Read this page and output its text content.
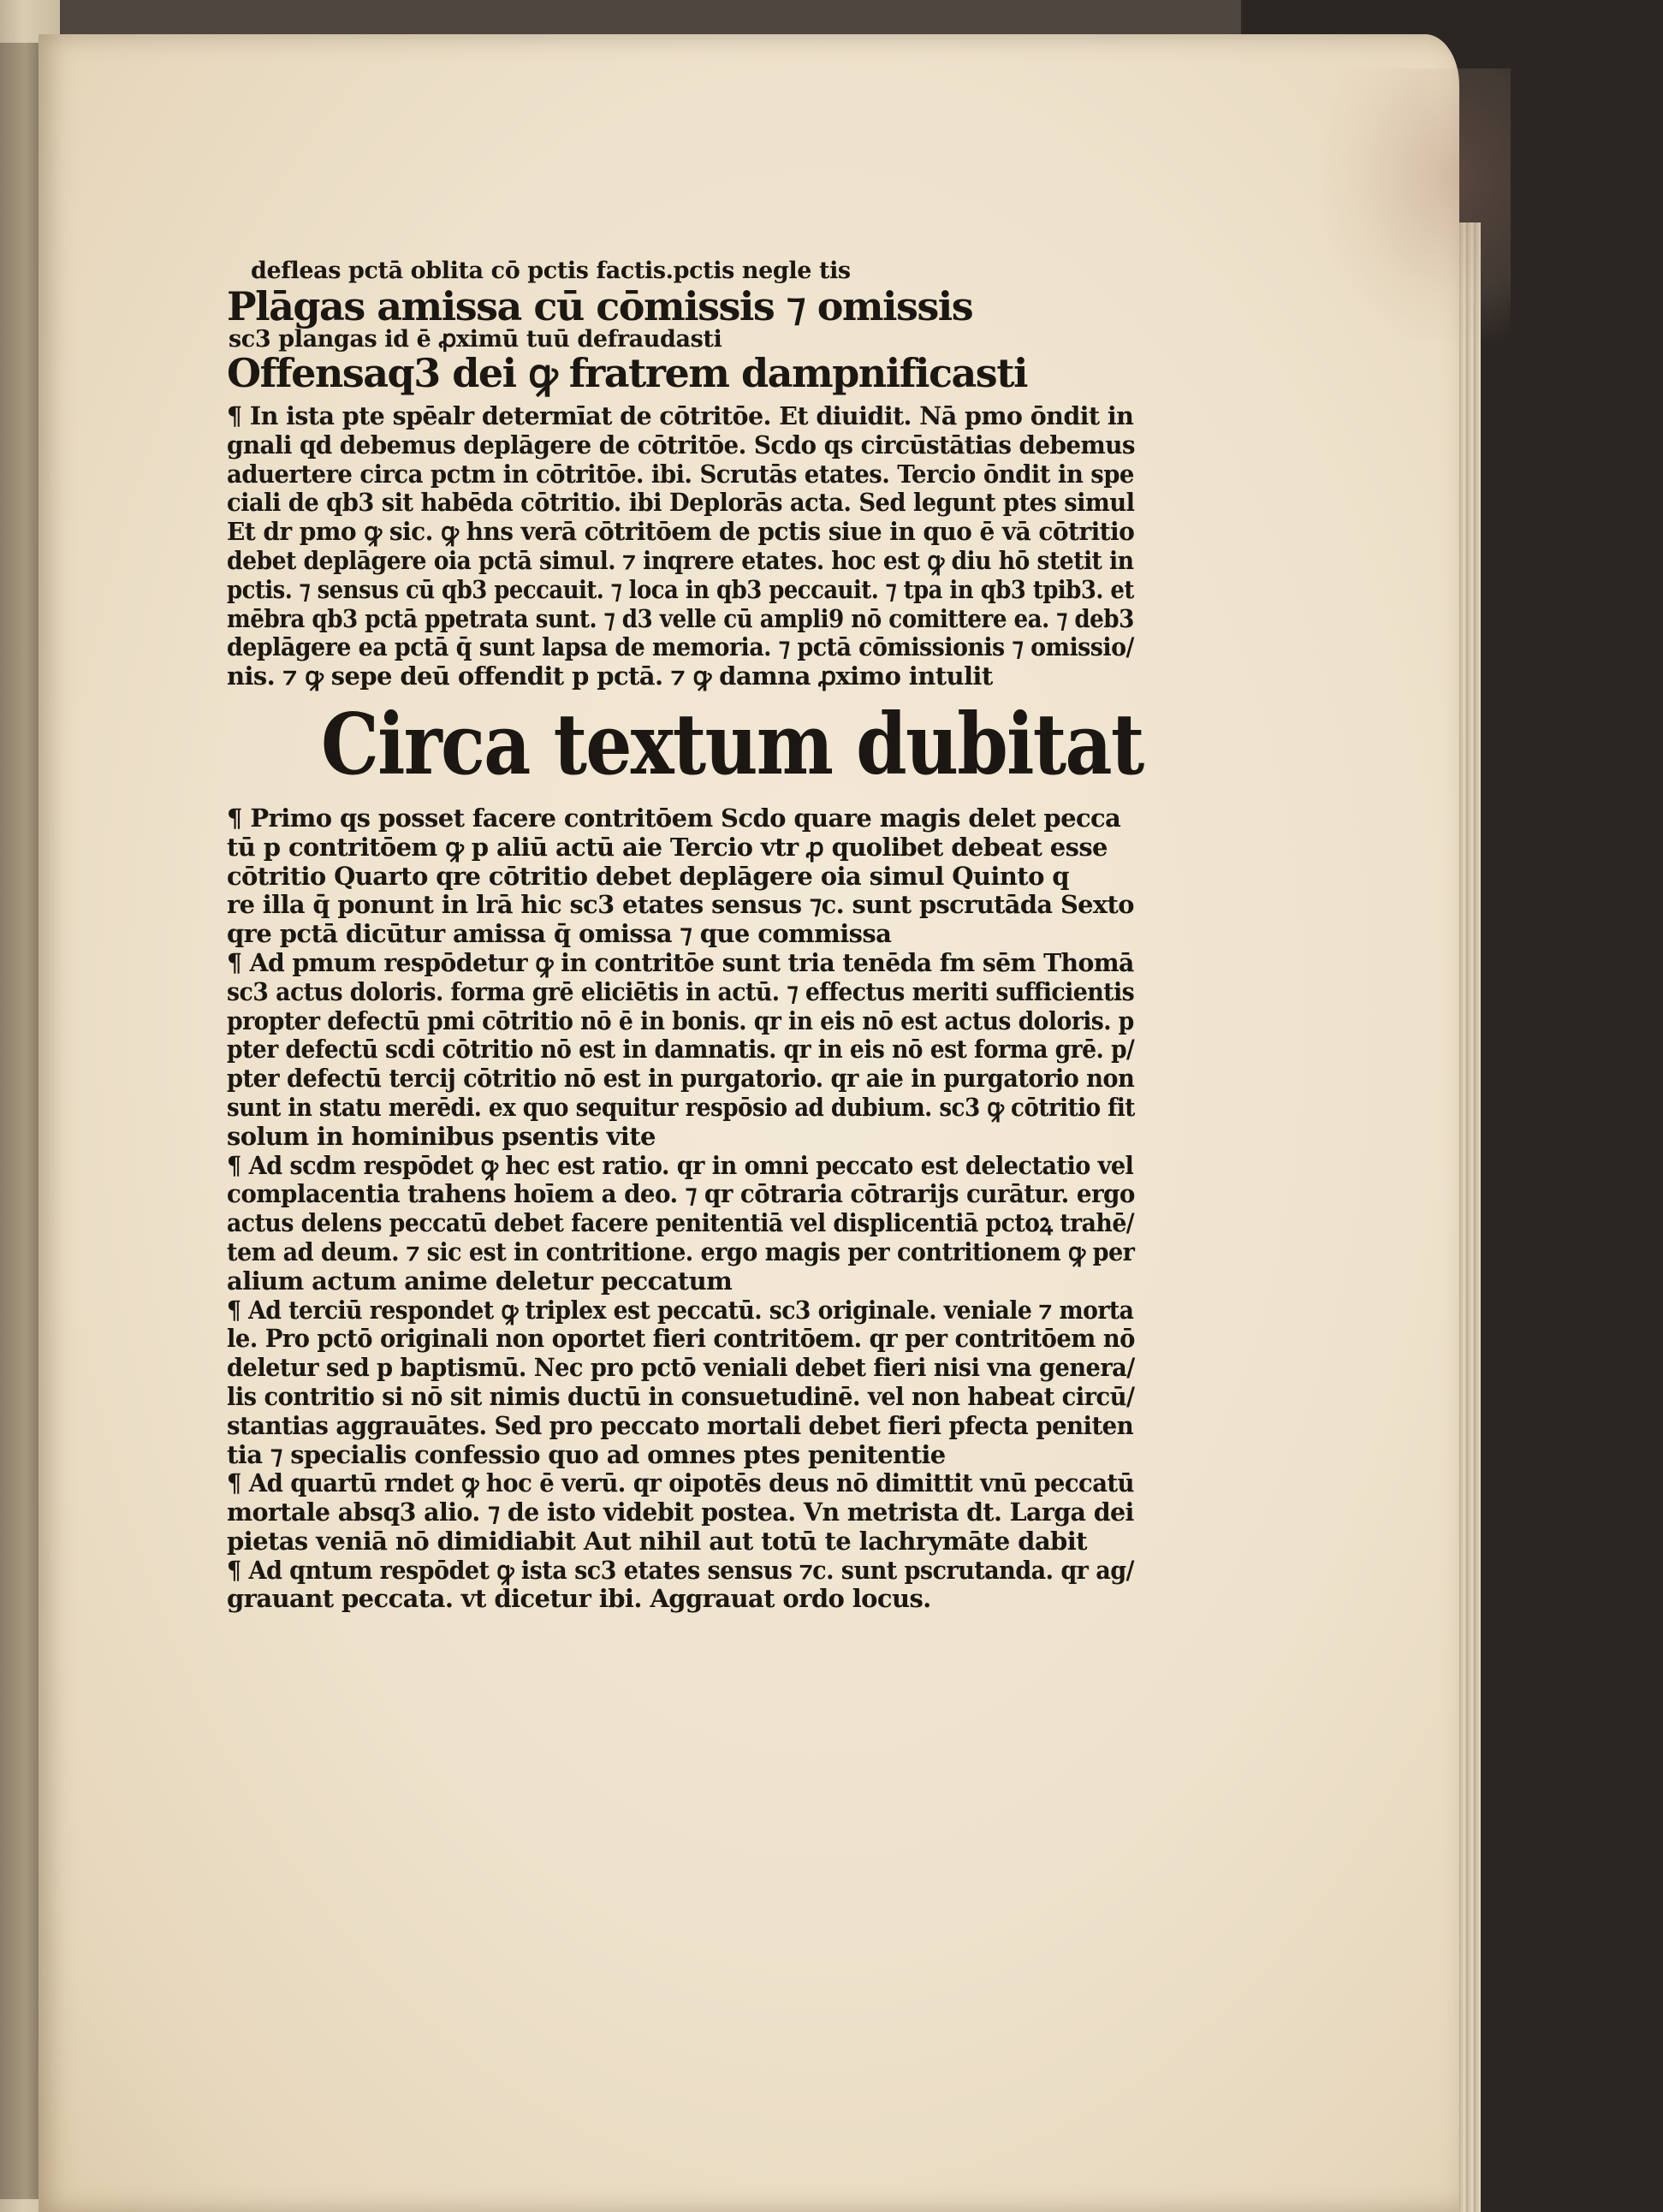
defleas pctā oblita cō pctis factis.pctis negle tis
Plāgas amissa cū cōmissis ⁊ omissis
sc3 plangas id ē ꝓximū tuū defraudasti
Offensaq3 dei ꝙ fratrem dampnificasti
¶ In ista pte spēalr determīat de cōtritōe. Et diuidit. Nā pmo ōndit in
gnali qd debemus deplāgere de cōtritōe. Scdo qs circūstātias debemus
aduertere circa pctm in cōtritōe. ibi. Scrutās etates. Tercio ōndit in spe
ciali de qb3 sit habēda cōtritio. ibi Deplorās acta. Sed legunt ptes simul
Et dr pmo ꝙ sic. ꝙ hns verā cōtritōem de pctis siue in quo ē vā cōtritio
debet deplāgere oia pctā simul. ⁊ inqrere etates. hoc est ꝙ diu hō stetit in
pctis. ⁊ sensus cū qb3 peccauit. ⁊ loca in qb3 peccauit. ⁊ tpa in qb3 tpib3. et
mēbra qb3 pctā ppetrata sunt. ⁊ d3 velle cū ampli9 nō comittere ea. ⁊ deb3
deplāgere ea pctā q̄ sunt lapsa de memoria. ⁊ pctā cōmissionis ⁊ omissio/
nis. ⁊ ꝙ sepe deū offendit p pctā. ⁊ ꝙ damna ꝓximo intulit
Circa textum dubitat
¶ Primo qs posset facere contritōem Scdo quare magis delet pecca
tū p contritōem ꝙ p aliū actū aie Tercio vtr ꝓ quolibet debeat esse
cōtritio Quarto qre cōtritio debet deplāgere oia simul Quinto q
re illa q̄ ponunt in lrā hic sc3 etates sensus ⁊c. sunt pscrutāda Sexto
qre pctā dicūtur amissa q̄ omissa ⁊ que commissa
¶ Ad pmum respōdetur ꝙ in contritōe sunt tria tenēda fm sēm Thomā
sc3 actus doloris. forma grē eliciētis in actū. ⁊ effectus meriti sufficientis
propter defectū pmi cōtritio nō ē in bonis. qr in eis nō est actus doloris. p
pter defectū scdi cōtritio nō est in damnatis. qr in eis nō est forma grē. p/
pter defectū tercij cōtritio nō est in purgatorio. qr aie in purgatorio non
sunt in statu merēdi. ex quo sequitur respōsio ad dubium. sc3 ꝙ cōtritio fit
solum in hominibus psentis vite
¶ Ad scdm respōdet ꝙ hec est ratio. qr in omni peccato est delectatio vel
complacentia trahens hoīem a deo. ⁊ qr cōtraria cōtrarijs curātur. ergo
actus delens peccatū debet facere penitentiā vel displicentiā pctoꝝ trahē/
tem ad deum. ⁊ sic est in contritione. ergo magis per contritionem ꝙ per
alium actum anime deletur peccatum
¶ Ad terciū respondet ꝙ triplex est peccatū. sc3 originale. veniale ⁊ morta
le. Pro pctō originali non oportet fieri contritōem. qr per contritōem nō
deletur sed p baptismū. Nec pro pctō veniali debet fieri nisi vna genera/
lis contritio si nō sit nimis ductū in consuetudinē. vel non habeat circū/
stantias aggrauātes. Sed pro peccato mortali debet fieri pfecta peniten
tia ⁊ specialis confessio quo ad omnes ptes penitentie
¶ Ad quartū rndet ꝙ hoc ē verū. qr oipotēs deus nō dimittit vnū peccatū
mortale absq3 alio. ⁊ de isto videbit postea. Vn metrista dt. Larga dei
pietas veniā nō dimidiabit Aut nihil aut totū te lachrymāte dabit
¶ Ad qntum respōdet ꝙ ista sc3 etates sensus ⁊c. sunt pscrutanda. qr ag/
grauant peccata. vt dicetur ibi. Aggrauat ordo locus.
